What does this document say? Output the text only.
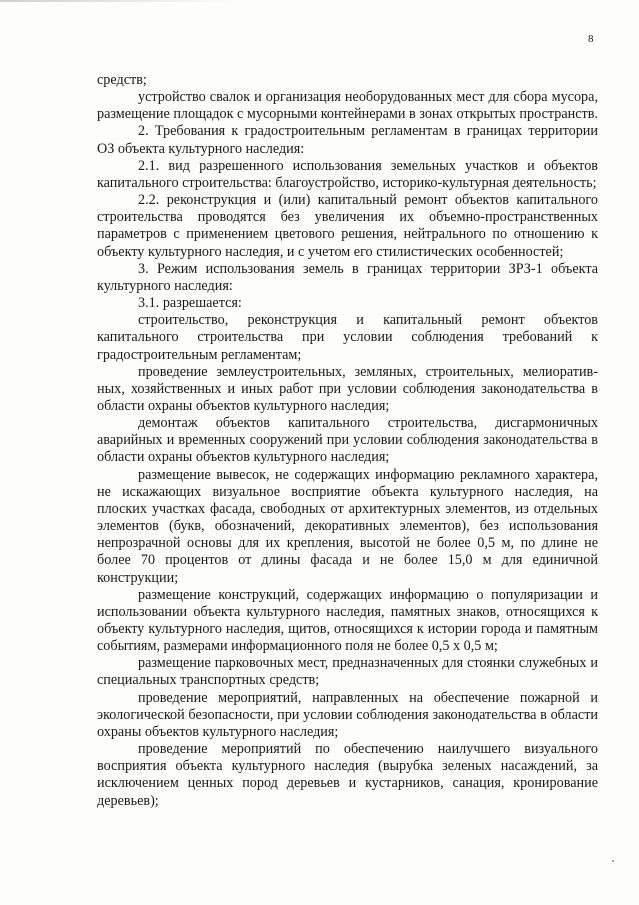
8

средств;

устройство свалок и организация необорудованных мест для сбора мусора, размещение площадок с мусорными контейнерами в зонах открытых пространств.

2. Требования к градостроительным регламентам в границах территории ОЗ объекта культурного наследия:

2.1. вид разрешенного использования земельных участков и объектов капитального строительства: благоустройство, историко-культурная деятельность;

2.2. реконструкция и (или) капитальный ремонт объектов капитального строительства проводятся без увеличения их объемно-пространственных параметров с применением цветового решения, нейтрального по отношению к объекту культурного наследия, и с учетом его стилистических особенностей;

3. Режим использования земель в границах территории ЗРЗ-1 объекта культурного наследия:

3.1. разрешается:

строительство, реконструкция и капитальный ремонт объектов капитального строительства при условии соблюдения требований к градостроительным регламентам;

проведение землеустроительных, земляных, строительных, мелиоративных, хозяйственных и иных работ при условии соблюдения законодательства в области охраны объектов культурного наследия;

демонтаж объектов капитального строительства, дисгармоничных аварийных и временных сооружений при условии соблюдения законодательства в области охраны объектов культурного наследия;

размещение вывесок, не содержащих информацию рекламного характера, не искажающих визуальное восприятие объекта культурного наследия, на плоских участках фасада, свободных от архитектурных элементов, из отдельных элементов (букв, обозначений, декоративных элементов), без использования непрозрачной основы для их крепления, высотой не более 0,5 м, по длине не более 70 процентов от длины фасада и не более 15,0 м для единичной конструкции;

размещение конструкций, содержащих информацию о популяризации и использовании объекта культурного наследия, памятных знаков, относящихся к объекту культурного наследия, щитов, относящихся к истории города и памятным событиям, размерами информационного поля не более 0,5 х 0,5 м;

размещение парковочных мест, предназначенных для стоянки служебных и специальных транспортных средств;

проведение мероприятий, направленных на обеспечение пожарной и экологической безопасности, при условии соблюдения законодательства в области охраны объектов культурного наследия;

проведение мероприятий по обеспечению наилучшего визуального восприятия объекта культурного наследия (вырубка зеленых насаждений, за исключением ценных пород деревьев и кустарников, санация, кронирование деревьев);
